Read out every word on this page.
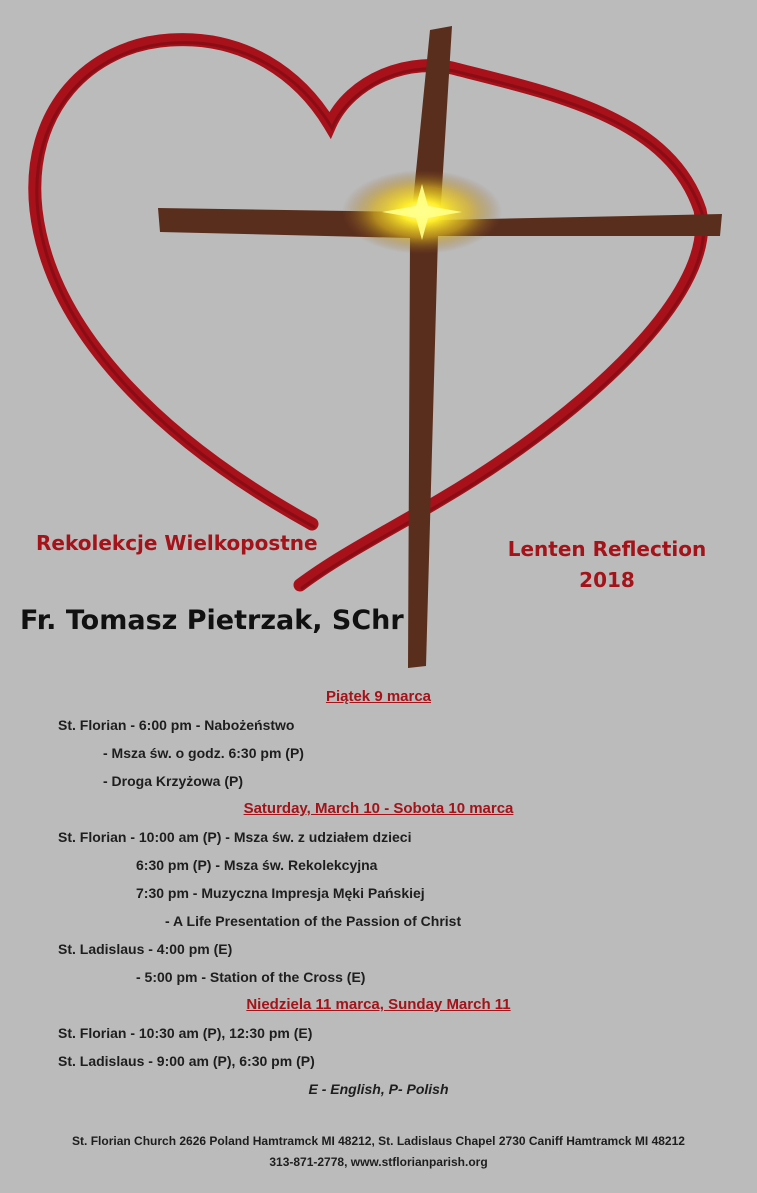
Rekolekcje Wielkopostne	Lenten Reflection
2018
Fr. Tomasz Pietrzak, SChr
Piątek 9 marca
St. Florian - 6:00 pm - Nabożeństwo
- Msza św. o godz. 6:30 pm (P)
- Droga Krzyżowa (P)
Saturday, March 10 - Sobota 10 marca
St. Florian - 10:00 am (P) - Msza św. z udziałem dzieci
6:30 pm (P) - Msza św. Rekolekcyjna
7:30 pm - Muzyczna Impresja Męki Pańskiej
- A Life Presentation of the Passion of Christ
St. Ladislaus - 4:00 pm (E)
- 5:00 pm - Station of the Cross (E)
Niedziela 11 marca, Sunday March 11
St. Florian - 10:30 am (P), 12:30 pm (E)
St. Ladislaus - 9:00 am (P), 6:30 pm (P)
E - English, P- Polish
St. Florian Church 2626 Poland Hamtramck MI 48212, St. Ladislaus Chapel 2730 Caniff Hamtramck MI 48212
313-871-2778, www.stflorianparish.org
